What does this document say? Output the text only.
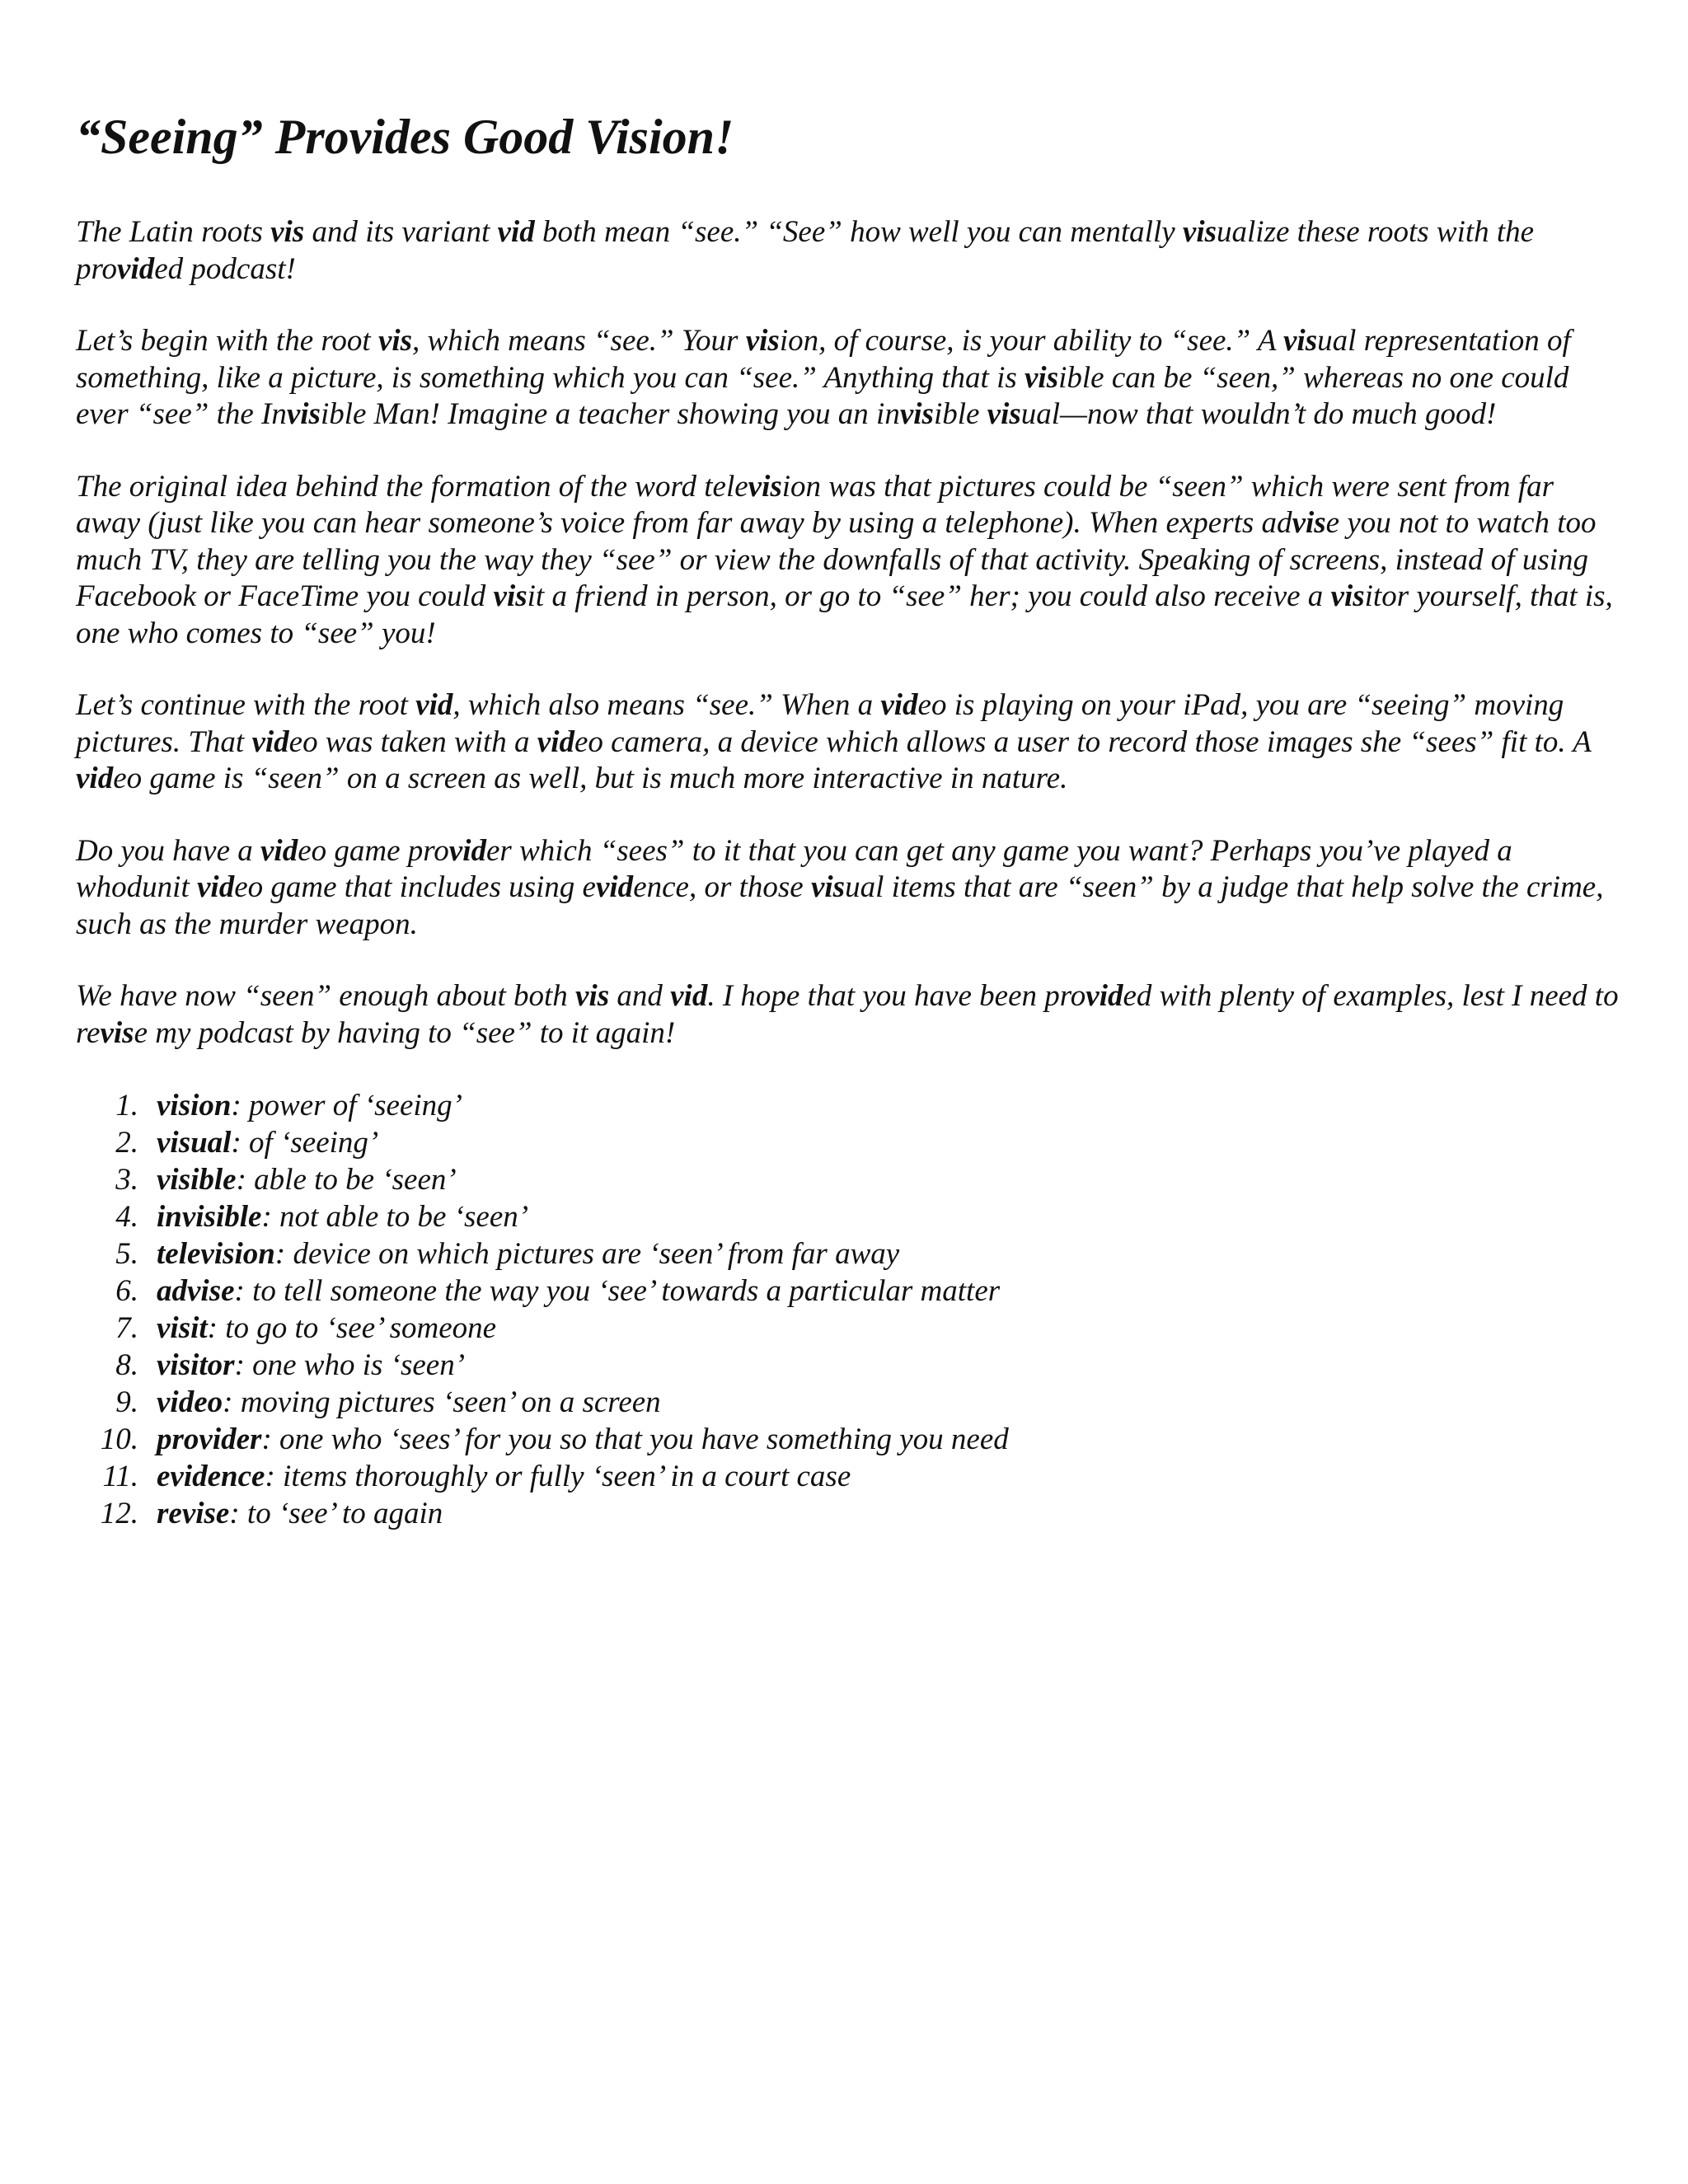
“Seeing” Provides Good Vision!

The Latin roots vis and its variant vid both mean “see.” “See” how well you can mentally visualize these roots with the provided podcast!

Let’s begin with the root vis, which means “see.” Your vision, of course, is your ability to “see.” A visual representation of something, like a picture, is something which you can “see.” Anything that is visible can be “seen,” whereas no one could ever “see” the Invisible Man! Imagine a teacher showing you an invisible visual—now that wouldn’t do much good!

The original idea behind the formation of the word television was that pictures could be “seen” which were sent from far away (just like you can hear someone’s voice from far away by using a telephone). When experts advise you not to watch too much TV, they are telling you the way they “see” or view the downfalls of that activity. Speaking of screens, instead of using Facebook or FaceTime you could visit a friend in person, or go to “see” her; you could also receive a visitor yourself, that is, one who comes to “see” you!

Let’s continue with the root vid, which also means “see.” When a video is playing on your iPad, you are “seeing” moving pictures. That video was taken with a video camera, a device which allows a user to record those images she “sees” fit to. A video game is “seen” on a screen as well, but is much more interactive in nature.

Do you have a video game provider which “sees” to it that you can get any game you want? Perhaps you’ve played a whodunit video game that includes using evidence, or those visual items that are “seen” by a judge that help solve the crime, such as the murder weapon.

We have now “seen” enough about both vis and vid. I hope that you have been provided with plenty of examples, lest I need to revise my podcast by having to “see” to it again!

1. vision : power of ‘seeing’
2. visual : of ‘seeing’
3. visible : able to be ‘seen’
4. invisible : not able to be ‘seen’
5. television : device on which pictures are ‘seen’ from far away
6. advise : to tell someone the way you ‘see’ towards a particular matter
7. visit : to go to ‘see’ someone
8. visitor : one who is ‘seen’
9. video : moving pictures ‘seen’ on a screen
10. provider : one who ‘sees’ for you so that you have something you need
11. evidence : items thoroughly or fully ‘seen’ in a court case
12. revise : to ‘see’ to again
